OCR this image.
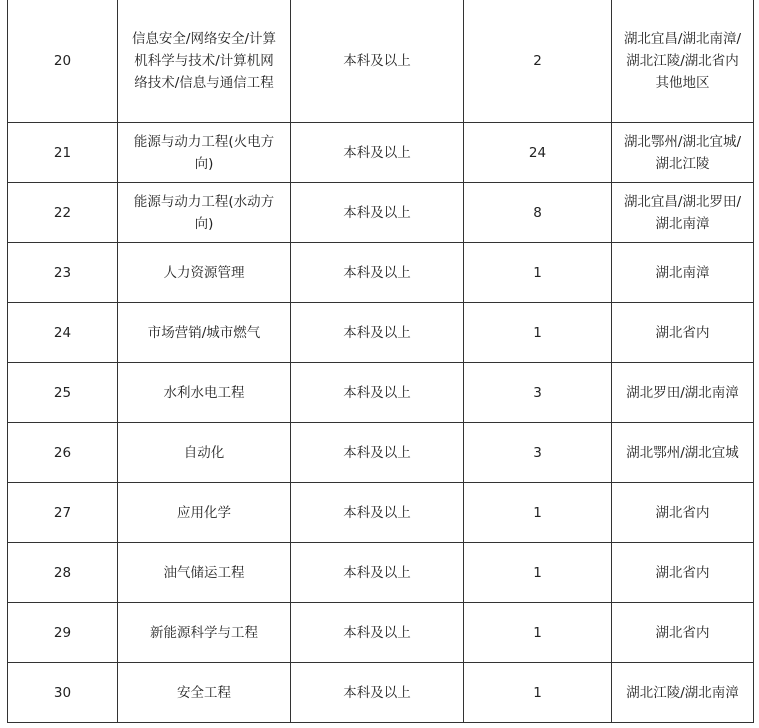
20	信息安全/网络安全/计算机科学与技术/计算机网络技术/信息与通信工程	本科及以上	2	湖北宜昌/湖北南漳/湖北江陵/湖北省内其他地区
21	能源与动力工程(火电方向)	本科及以上	24	湖北鄂州/湖北宜城/湖北江陵
22	能源与动力工程(水动方向)	本科及以上	8	湖北宜昌/湖北罗田/湖北南漳
23	人力资源管理	本科及以上	1	湖北南漳
24	市场营销/城市燃气	本科及以上	1	湖北省内
25	水利水电工程	本科及以上	3	湖北罗田/湖北南漳
26	自动化	本科及以上	3	湖北鄂州/湖北宜城
27	应用化学	本科及以上	1	湖北省内
28	油气储运工程	本科及以上	1	湖北省内
29	新能源科学与工程	本科及以上	1	湖北省内
30	安全工程	本科及以上	1	湖北江陵/湖北南漳
